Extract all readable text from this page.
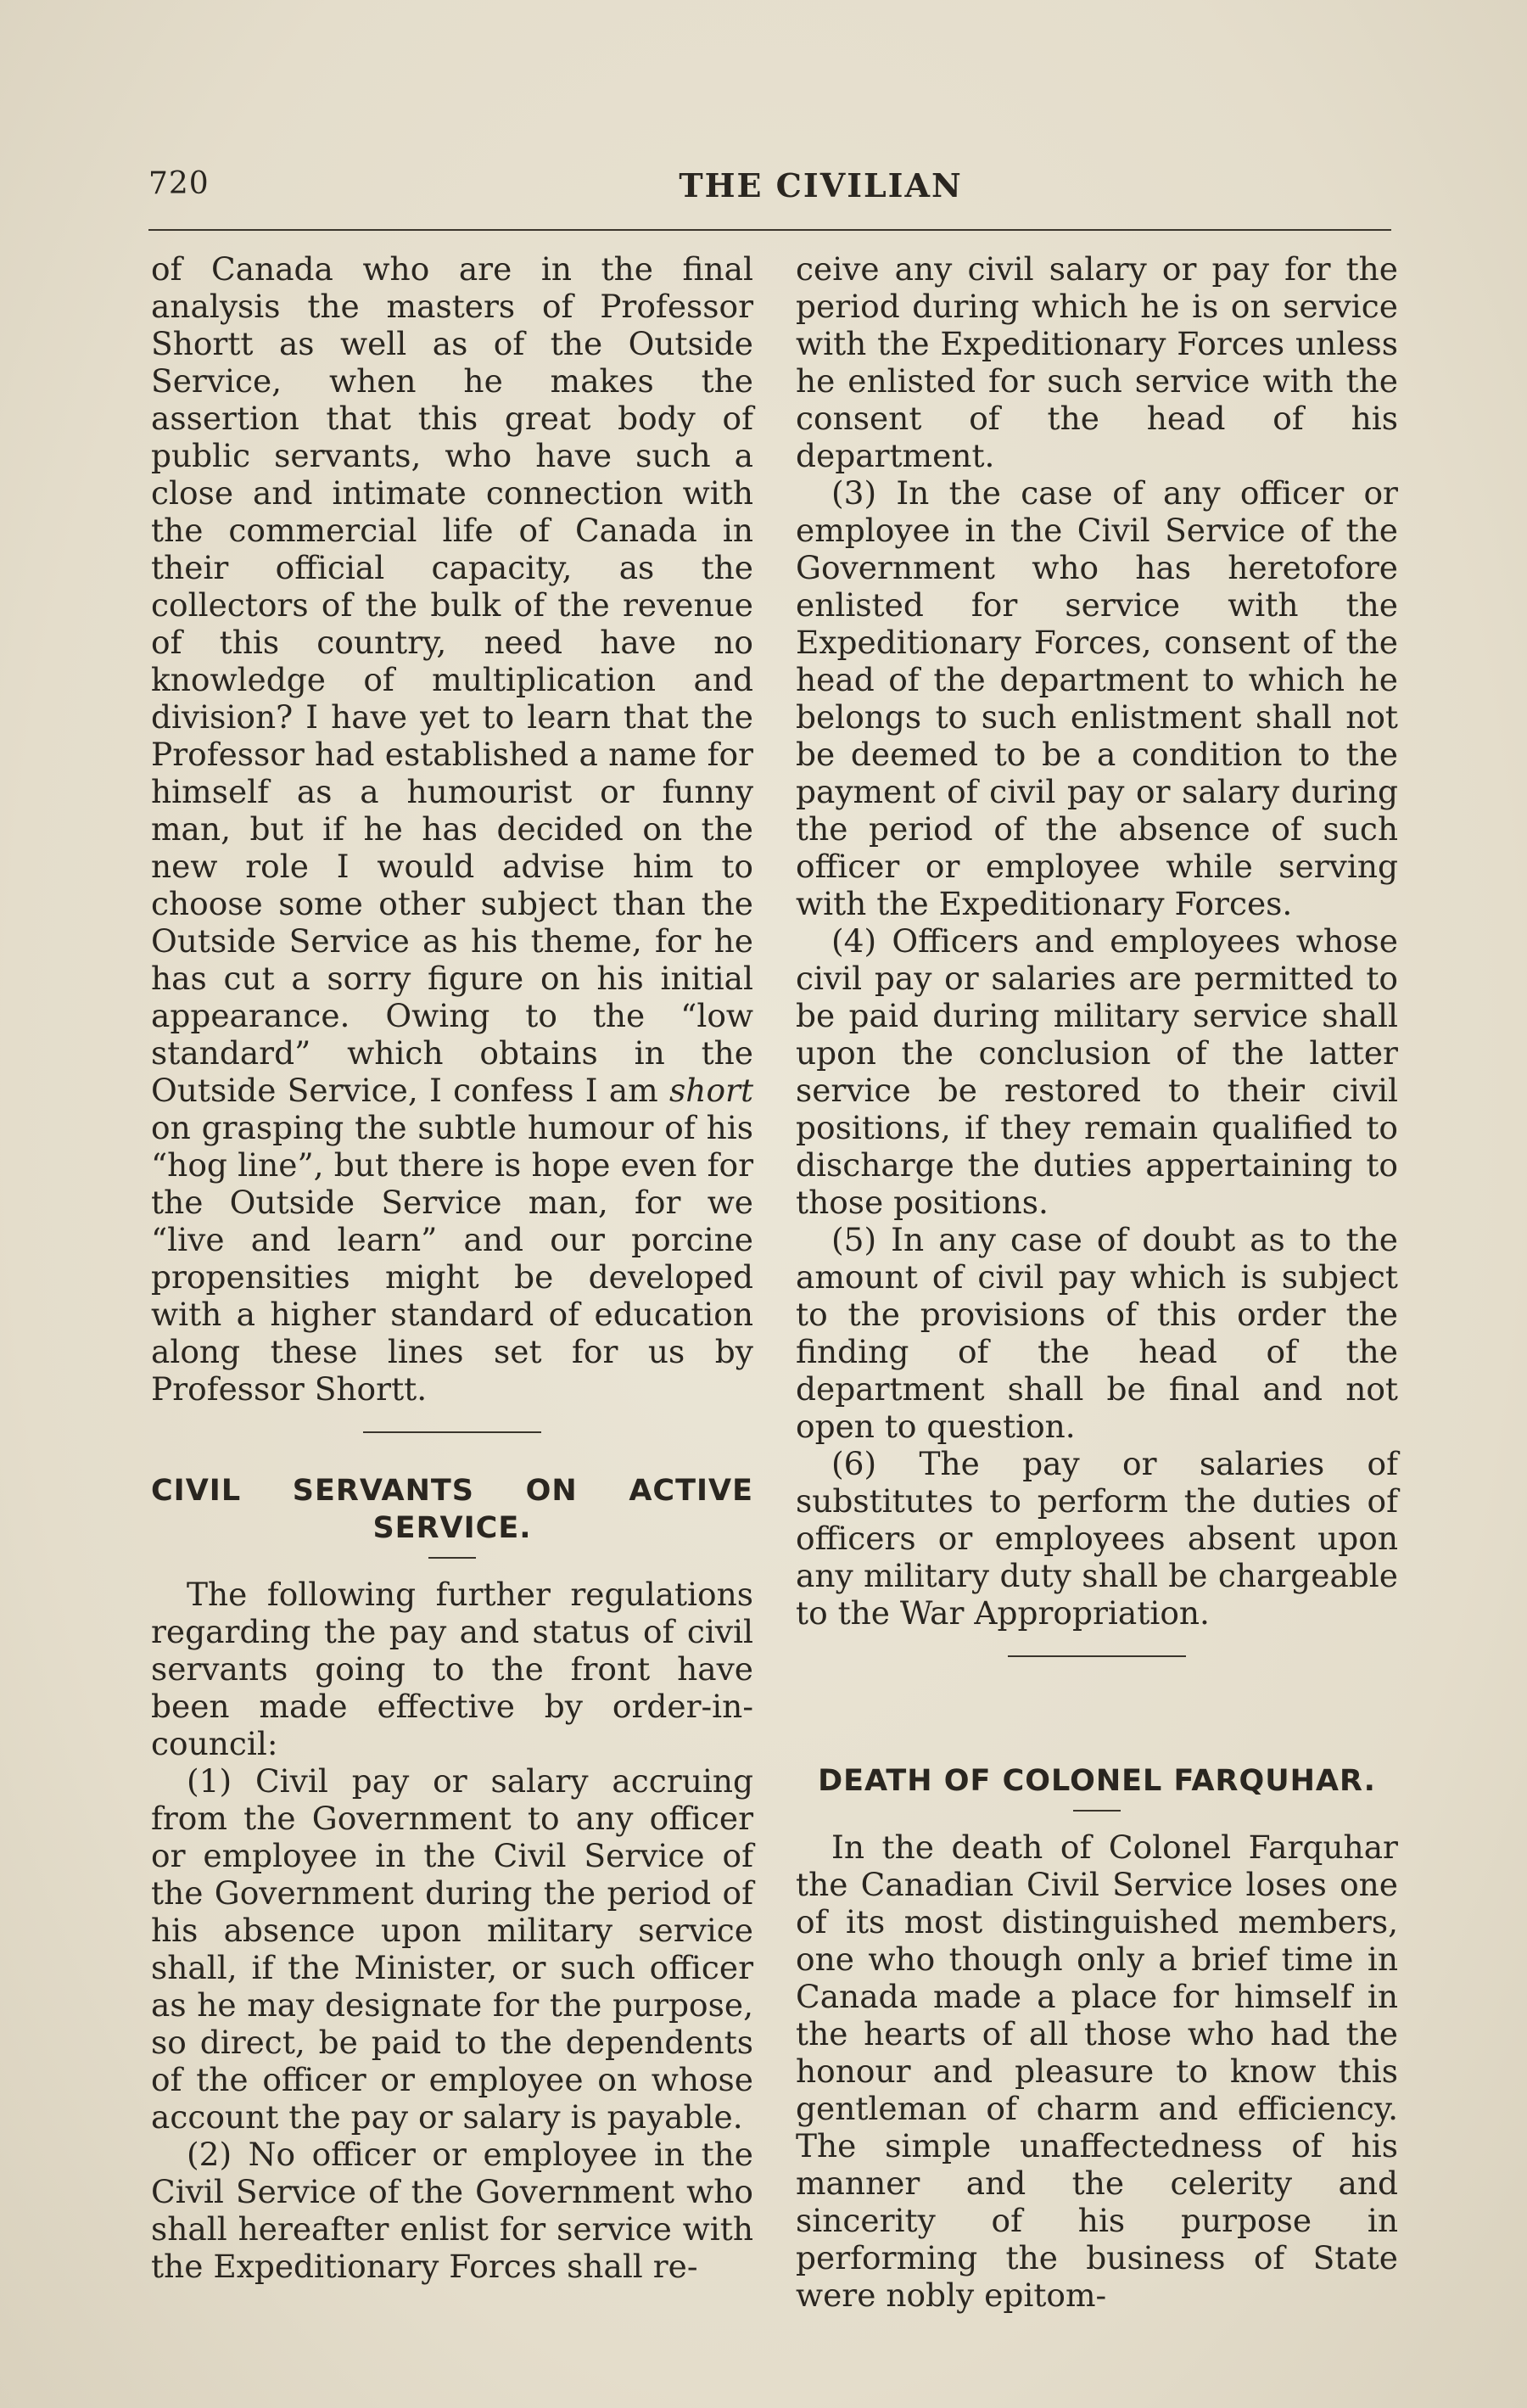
720	THE CIVILIAN

of Canada who are in the final analysis the masters of Professor Shortt as well as of the Outside Service, when he makes the assertion that this great body of public servants, who have such a close and intimate connection with the commercial life of Canada in their official capacity, as the collectors of the bulk of the revenue of this country, need have no knowledge of multiplication and division? I have yet to learn that the Professor had established a name for himself as a humourist or funny man, but if he has decided on the new role I would advise him to choose some other subject than the Outside Service as his theme, for he has cut a sorry figure on his initial appearance. Owing to the “low standard” which obtains in the Outside Service, I confess I am short on grasping the subtle humour of his “hog line”, but there is hope even for the Outside Service man, for we “live and learn” and our porcine propensities might be developed with a higher standard of education along these lines set for us by Professor Shortt.

CIVIL SERVANTS ON ACTIVE SERVICE.

The following further regulations regarding the pay and status of civil servants going to the front have been made effective by order-in-council:

(1) Civil pay or salary accruing from the Government to any officer or employee in the Civil Service of the Government during the period of his absence upon military service shall, if the Minister, or such officer as he may designate for the purpose, so direct, be paid to the dependents of the officer or employee on whose account the pay or salary is payable.

(2) No officer or employee in the Civil Service of the Government who shall hereafter enlist for service with the Expeditionary Forces shall re-

ceive any civil salary or pay for the period during which he is on service with the Expeditionary Forces unless he enlisted for such service with the consent of the head of his department.

(3) In the case of any officer or employee in the Civil Service of the Government who has heretofore enlisted for service with the Expeditionary Forces, consent of the head of the department to which he belongs to such enlistment shall not be deemed to be a condition to the payment of civil pay or salary during the period of the absence of such officer or employee while serving with the Expeditionary Forces.

(4) Officers and employees whose civil pay or salaries are permitted to be paid during military service shall upon the conclusion of the latter service be restored to their civil positions, if they remain qualified to discharge the duties appertaining to those positions.

(5) In any case of doubt as to the amount of civil pay which is subject to the provisions of this order the finding of the head of the department shall be final and not open to question.

(6) The pay or salaries of substitutes to perform the duties of officers or employees absent upon any military duty shall be chargeable to the War Appropriation.

DEATH OF COLONEL FARQUHAR.

In the death of Colonel Farquhar the Canadian Civil Service loses one of its most distinguished members, one who though only a brief time in Canada made a place for himself in the hearts of all those who had the honour and pleasure to know this gentleman of charm and efficiency. The simple unaffectedness of his manner and the celerity and sincerity of his purpose in performing the business of State were nobly epitom-
